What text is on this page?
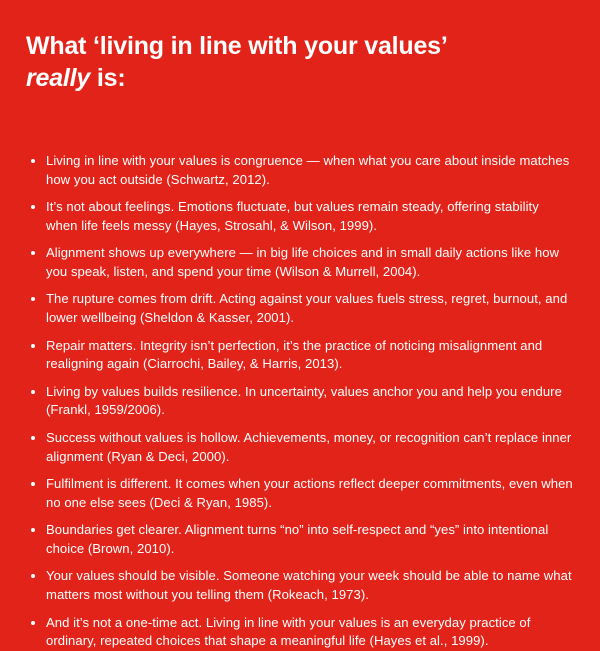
What ‘living in line with your values’
really is:
Living in line with your values is congruence — when what you care about inside matches how you act outside (Schwartz, 2012).
It’s not about feelings. Emotions fluctuate, but values remain steady, offering stability when life feels messy (Hayes, Strosahl, & Wilson, 1999).
Alignment shows up everywhere — in big life choices and in small daily actions like how you speak, listen, and spend your time (Wilson & Murrell, 2004).
The rupture comes from drift. Acting against your values fuels stress, regret, burnout, and lower wellbeing (Sheldon & Kasser, 2001).
Repair matters. Integrity isn’t perfection, it’s the practice of noticing misalignment and realigning again (Ciarrochi, Bailey, & Harris, 2013).
Living by values builds resilience. In uncertainty, values anchor you and help you endure (Frankl, 1959/2006).
Success without values is hollow. Achievements, money, or recognition can’t replace inner alignment (Ryan & Deci, 2000).
Fulfilment is different. It comes when your actions reflect deeper commitments, even when no one else sees (Deci & Ryan, 1985).
Boundaries get clearer. Alignment turns “no” into self-respect and “yes” into intentional choice (Brown, 2010).
Your values should be visible. Someone watching your week should be able to name what matters most without you telling them (Rokeach, 1973).
And it’s not a one-time act. Living in line with your values is an everyday practice of ordinary, repeated choices that shape a meaningful life (Hayes et al., 1999).
